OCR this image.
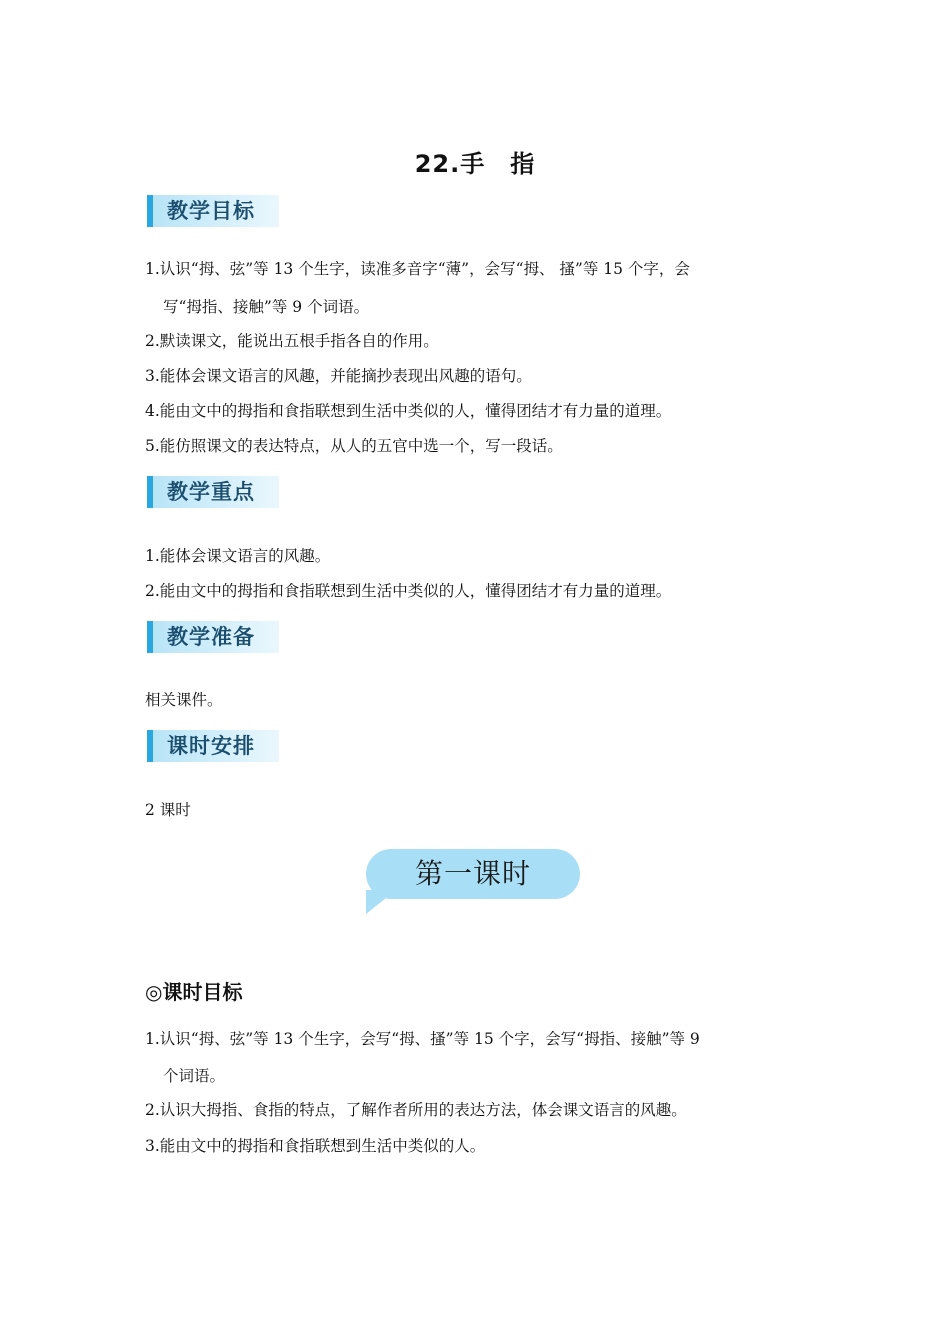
22.手　指
教学目标
1.认识“拇、弦”等 13 个生字，读准多音字“薄”，会写“拇、 搔”等 15 个字，会
写“拇指、接触”等 9 个词语。
2.默读课文，能说出五根手指各自的作用。
3.能体会课文语言的风趣，并能摘抄表现出风趣的语句。
4.能由文中的拇指和食指联想到生活中类似的人，懂得团结才有力量的道理。
5.能仿照课文的表达特点，从人的五官中选一个，写一段话。
教学重点
1.能体会课文语言的风趣。
2.能由文中的拇指和食指联想到生活中类似的人，懂得团结才有力量的道理。
教学准备
相关课件。
课时安排
2 课时
第一课时
◎课时目标
1.认识“拇、弦”等 13 个生字，会写“拇、搔”等 15 个字，会写“拇指、接触”等 9
个词语。
2.认识大拇指、食指的特点，了解作者所用的表达方法，体会课文语言的风趣。
3.能由文中的拇指和食指联想到生活中类似的人。
